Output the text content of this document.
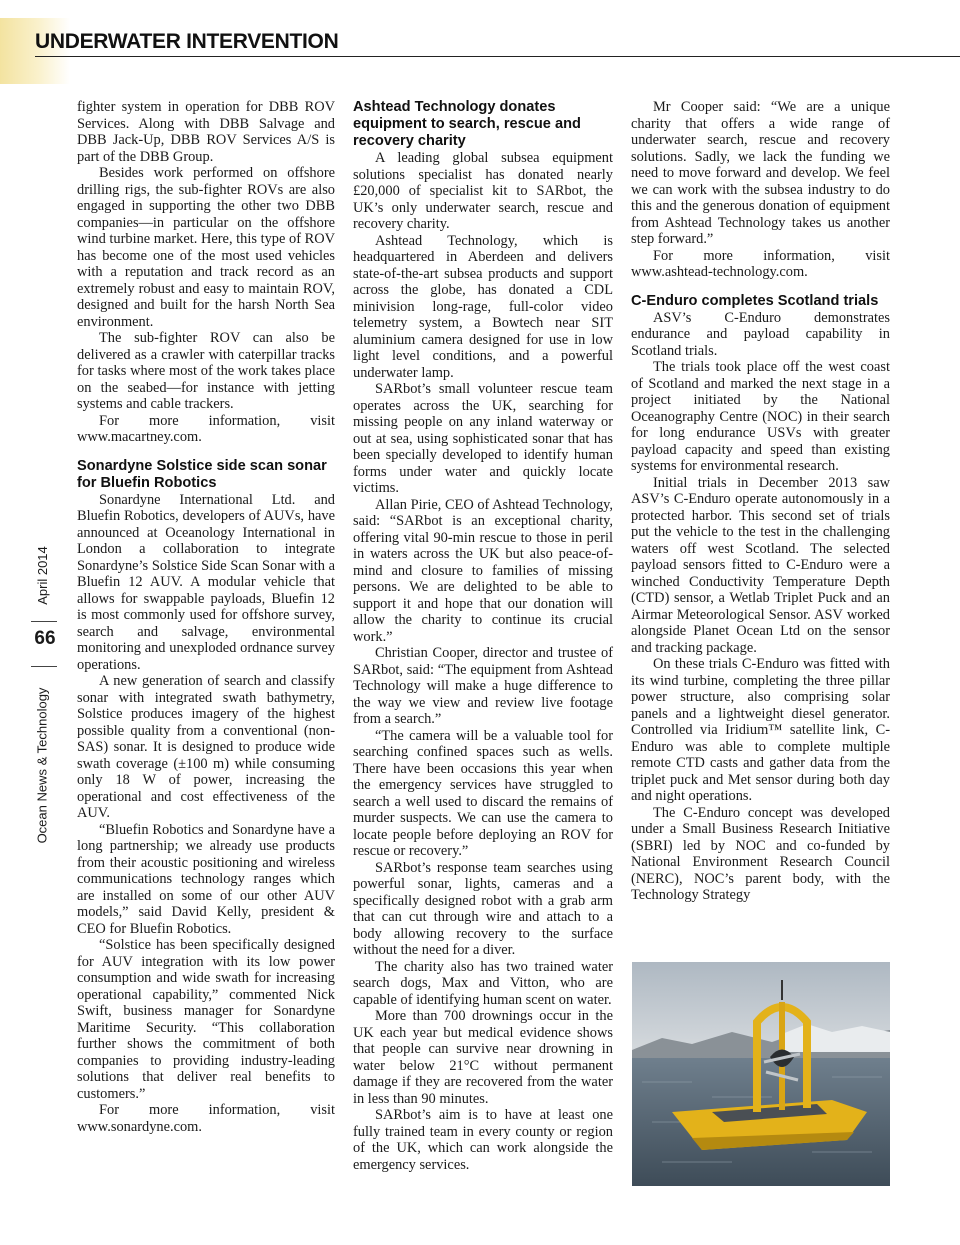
UNDERWATER INTERVENTION
Ocean News & Technology
66
April 2014

fighter system in operation for DBB ROV Services. Along with DBB Salvage and DBB Jack-Up, DBB ROV Services A/S is part of the DBB Group.

Besides work performed on offshore drilling rigs, the sub-fighter ROVs are also engaged in supporting the other two DBB companies—in particular on the offshore wind turbine market. Here, this type of ROV has become one of the most used vehicles with a reputation and track record as an extremely robust and easy to maintain ROV, designed and built for the harsh North Sea environment.

The sub-fighter ROV can also be delivered as a crawler with caterpillar tracks for tasks where most of the work takes place on the seabed—for instance with jetting systems and cable trackers.

For more information, visit www.macartney.com.

Sonardyne Solstice side scan sonar for Bluefin Robotics

Sonardyne International Ltd. and Bluefin Robotics, developers of AUVs, have announced at Oceanology International in London a collaboration to integrate Sonardyne’s Solstice Side Scan Sonar with a Bluefin 12 AUV. A modular vehicle that allows for swappable payloads, Bluefin 12 is most commonly used for offshore survey, search and salvage, environmental monitoring and unexploded ordnance survey operations.

A new generation of search and classify sonar with integrated swath bathymetry, Solstice produces imagery of the highest possible quality from a conventional (non-SAS) sonar. It is designed to produce wide swath coverage (±100 m) while consuming only 18 W of power, increasing the operational and cost effectiveness of the AUV.

“Bluefin Robotics and Sonardyne have a long partnership; we already use products from their acoustic positioning and wireless communications technology ranges which are installed on some of our other AUV models,” said David Kelly, president & CEO for Bluefin Robotics.

“Solstice has been specifically designed for AUV integration with its low power consumption and wide swath for increasing operational capability,” commented Nick Swift, business manager for Sonardyne Maritime Security. “This collaboration further shows the commitment of both companies to providing industry-leading solutions that deliver real benefits to customers.”

For more information, visit www.sonardyne.com.

Ashtead Technology donates equipment to search, rescue and recovery charity

A leading global subsea equipment solutions specialist has donated nearly £20,000 of specialist kit to SARbot, the UK’s only underwater search, rescue and recovery charity.

Ashtead Technology, which is headquartered in Aberdeen and delivers state-of-the-art subsea products and support across the globe, has donated a CDL minivision long-rage, full-color video telemetry system, a Bowtech near SIT aluminium camera designed for use in low light level conditions, and a powerful underwater lamp.

SARbot’s small volunteer rescue team operates across the UK, searching for missing people on any inland waterway or out at sea, using sophisticated sonar that has been specially developed to identify human forms under water and quickly locate victims.

Allan Pirie, CEO of Ashtead Technology, said: “SARbot is an exceptional charity, offering vital 90-min rescue to those in peril in waters across the UK but also peace-of-mind and closure to families of missing persons. We are delighted to be able to support it and hope that our donation will allow the charity to continue its crucial work.”

Christian Cooper, director and trustee of SARbot, said: “The equipment from Ashtead Technology will make a huge difference to the way we view and review live footage from a search.”

“The camera will be a valuable tool for searching confined spaces such as wells. There have been occasions this year when the emergency services have struggled to search a well used to discard the remains of murder suspects. We can use the camera to locate people before deploying an ROV for rescue or recovery.”

SARbot’s response team searches using powerful sonar, lights, cameras and a specifically designed robot with a grab arm that can cut through wire and attach to a body allowing recovery to the surface without the need for a diver.

The charity also has two trained water search dogs, Max and Vitton, who are capable of identifying human scent on water.

More than 700 drownings occur in the UK each year but medical evidence shows that people can survive near drowning in water below 21°C without permanent damage if they are recovered from the water in less than 90 minutes.

SARbot’s aim is to have at least one fully trained team in every county or region of the UK, which can work alongside the emergency services.

Mr Cooper said: “We are a unique charity that offers a wide range of underwater search, rescue and recovery solutions. Sadly, we lack the funding we need to move forward and develop. We feel we can work with the subsea industry to do this and the generous donation of equipment from Ashtead Technology takes us another step forward.”

For more information, visit www.ashtead-technology.com.

C-Enduro completes Scotland trials

ASV’s C-Enduro demonstrates endurance and payload capability in Scotland trials.

The trials took place off the west coast of Scotland and marked the next stage in a project initiated by the National Oceanography Centre (NOC) in their search for long endurance USVs with greater payload capacity and speed than existing systems for environmental research.

Initial trials in December 2013 saw ASV’s C-Enduro operate autonomously in a protected harbor. This second set of trials put the vehicle to the test in the challenging waters off west Scotland. The selected payload sensors fitted to C-Enduro were a winched Conductivity Temperature Depth (CTD) sensor, a Wetlab Triplet Puck and an Airmar Meteorological Sensor. ASV worked alongside Planet Ocean Ltd on the sensor and tracking package.

On these trials C-Enduro was fitted with its wind turbine, completing the three pillar power structure, also comprising solar panels and a lightweight diesel generator. Controlled via Iridium™ satellite link, C-Enduro was able to complete multiple remote CTD casts and gather data from the triplet puck and Met sensor during both day and night operations.

The C-Enduro concept was developed under a Small Business Research Initiative (SBRI) led by NOC and co-funded by National Environment Research Council (NERC), NOC’s parent body, with the Technology Strategy
